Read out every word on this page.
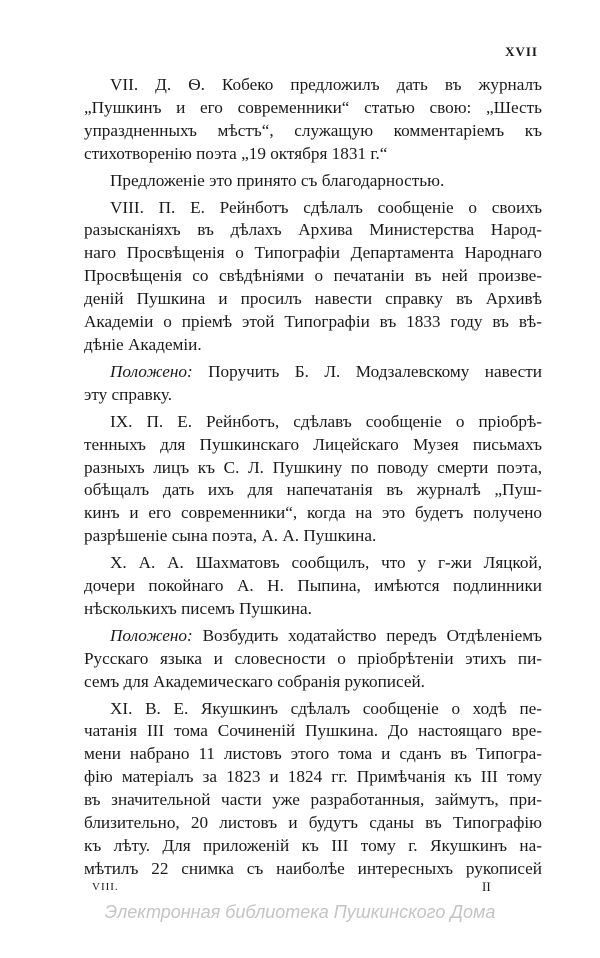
XVII
VII. Д. Ѳ. Кобеко предложилъ дать въ журналъ
„Пушкинъ и его современники“ статью свою: „Шесть
упраздненныхъ мѣстъ“, служащую комментаріемъ къ
стихотворенію поэта „19 октября 1831 г.“
Предложеніе это принято съ благодарностью.
VIII. П. Е. Рейнботъ сдѣлалъ сообщеніе о своихъ
разысканіяхъ въ дѣлахъ Архива Министерства Народ-
наго Просвѣщенія о Типографіи Департамента Народнаго
Просвѣщенія со свѣдѣніями о печатаніи въ ней произве-
деній Пушкина и просилъ навести справку въ Архивѣ
Академіи о пріемѣ этой Типографіи въ 1833 году въ вѣ-
дѣніе Академіи.
Положено: Поручить Б. Л. Модзалевскому навести
эту справку.
IX. П. Е. Рейнботъ, сдѣлавъ сообщеніе о пріобрѣ-
тенныхъ для Пушкинскаго Лицейскаго Музея письмахъ
разныхъ лицъ къ С. Л. Пушкину по поводу смерти поэта,
обѣщалъ дать ихъ для напечатанія въ журналѣ „Пуш-
кинъ и его современники“, когда на это будетъ получено
разрѣшеніе сына поэта, А. А. Пушкина.
X. А. А. Шахматовъ сообщилъ, что у г-жи Ляцкой,
дочери покойнаго А. Н. Пыпина, имѣются подлинники
нѣсколькихъ писемъ Пушкина.
Положено: Возбудить ходатайство передъ Отдѣленіемъ
Русскаго языка и словесности о пріобрѣтеніи этихъ пи-
семъ для Академическаго собранія рукописей.
XI. В. Е. Якушкинъ сдѣлалъ сообщеніе о ходѣ пе-
чатанія III тома Сочиненій Пушкина. До настоящаго вре-
мени набрано 11 листовъ этого тома и сданъ въ Типогра-
фію матеріалъ за 1823 и 1824 гг. Примѣчанія къ III тому
въ значительной части уже разработанныя, займутъ, при-
близительно, 20 листовъ и будутъ сданы въ Типографію
къ лѣту. Для приложеній къ III тому г. Якушкинъ на-
мѣтилъ 22 снимка съ наиболѣе интересныхъ рукописей
VIII.	II
Электронная библиотека Пушкинского Дома
